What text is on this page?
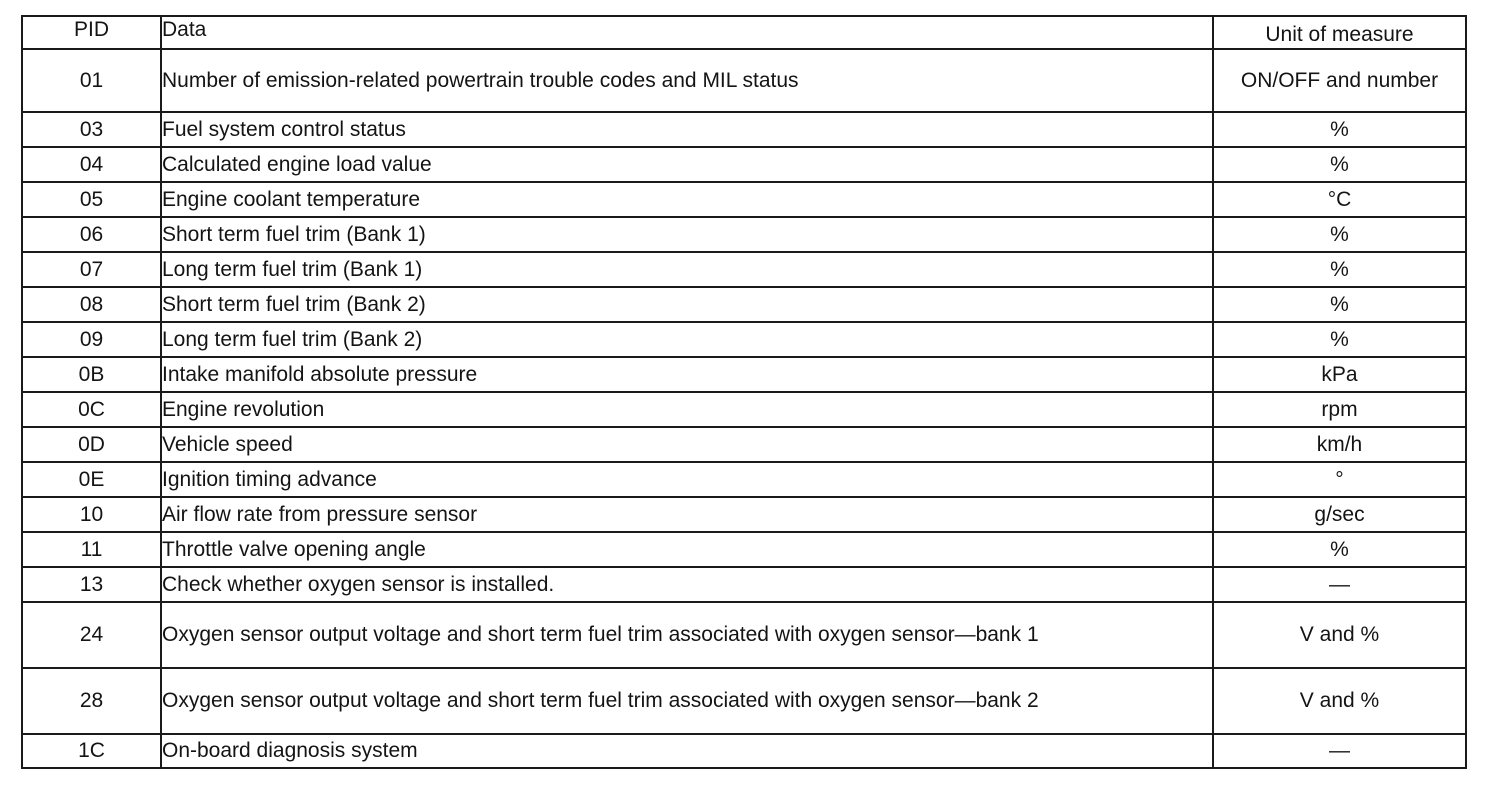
PID	Data	Unit of measure
01	Number of emission-related powertrain trouble codes and MIL status	ON/OFF and number
03	Fuel system control status	%
04	Calculated engine load value	%
05	Engine coolant temperature	°C
06	Short term fuel trim (Bank 1)	%
07	Long term fuel trim (Bank 1)	%
08	Short term fuel trim (Bank 2)	%
09	Long term fuel trim (Bank 2)	%
0B	Intake manifold absolute pressure	kPa
0C	Engine revolution	rpm
0D	Vehicle speed	km/h
0E	Ignition timing advance	°
10	Air flow rate from pressure sensor	g/sec
11	Throttle valve opening angle	%
13	Check whether oxygen sensor is installed.	—
24	Oxygen sensor output voltage and short term fuel trim associated with oxygen sensor—bank 1	V and %
28	Oxygen sensor output voltage and short term fuel trim associated with oxygen sensor—bank 2	V and %
1C	On-board diagnosis system	—
